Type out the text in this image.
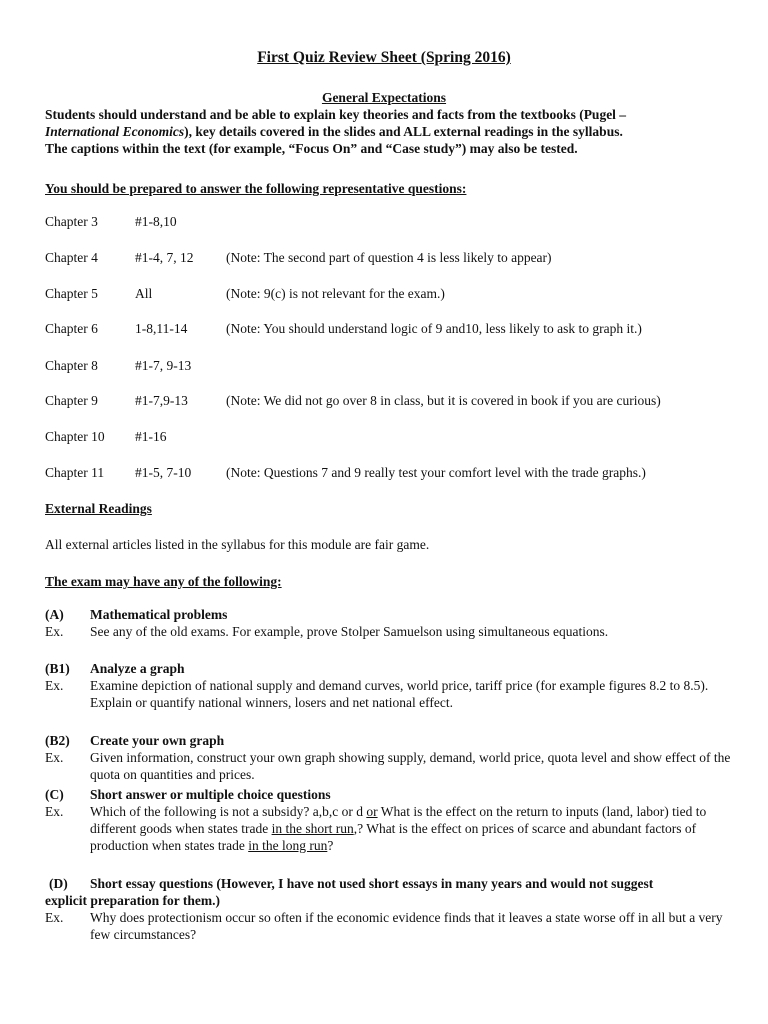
First Quiz Review Sheet (Spring 2016)
General Expectations

Students should understand and be able to explain key theories and facts from the textbooks (Pugel –

International Economics), key details covered in the slides and ALL external readings in the syllabus.

The captions within the text (for example, “Focus On” and “Case study”) may also be tested.

You should be prepared to answer the following representative questions:
Chapter 3	#1-8,10
Chapter 4	#1-4, 7, 12 (Note: The second part of question 4 is less likely to appear)
Chapter 5	All	(Note: 9(c) is not relevant for the exam.)
Chapter 6	1-8,11-14	(Note: You should understand logic of 9 and10, less likely to ask to graph it.)
Chapter 8	#1-7, 9-13
Chapter 9	#1-7,9-13	(Note: We did not go over 8 in class, but it is covered in book if you are curious)
Chapter 10 #1-16
Chapter 11 #1-5, 7-10	(Note: Questions 7 and 9 really test your comfort level with the trade graphs.)
External Readings
All external articles listed in the syllabus for this module are fair game.
The exam may have any of the following:
(A) Mathematical problems
Ex. See any of the old exams. For example, prove Stolper Samuelson using simultaneous equations.
(B1) Analyze a graph
Ex. Examine depiction of national supply and demand curves, world price, tariff price (for example figures 8.2 to 8.5). Explain or quantify national winners, losers and net national effect.
(B2) Create your own graph
Ex. Given information, construct your own graph showing supply, demand, world price, quota level and show effect of the quota on quantities and prices.
(C) Short answer or multiple choice questions
Ex. Which of the following is not a subsidy? a,b,c or d or What is the effect on the return to inputs (land, labor) tied to different goods when states trade in the short run,? What is the effect on prices of scarce and abundant factors of production when states trade in the long run?
(D) Short essay questions (However, I have not used short essays in many years and would not suggest
explicit preparation for them.)
Ex. Why does protectionism occur so often if the economic evidence finds that it leaves a state worse off in all but a very few circumstances?
